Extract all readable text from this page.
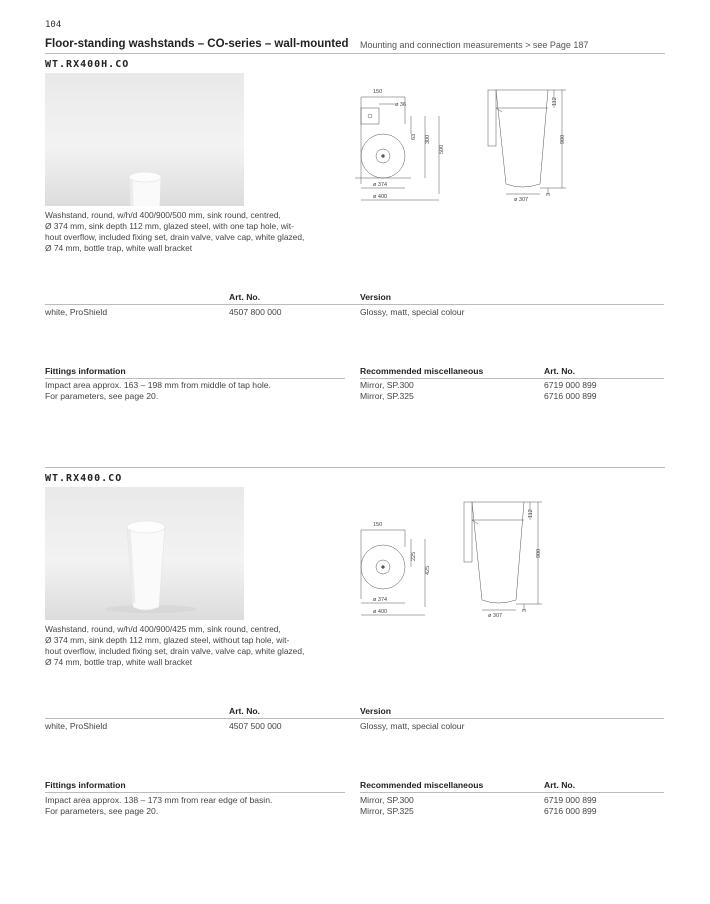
104
Floor-standing washstands – CO-series – wall-mounted Mounting and connection measurements > see Page 187
WT.RX400H.CO
Washstand, round, w/h/d 400/900/500 mm, sink round, centred,
Ø 374 mm, sink depth 112 mm, glazed steel, with one tap hole, wit-
hout overflow, included fixing set, drain valve, valve cap, white glazed,
Ø 74 mm, bottle trap, white wall bracket
150
ø 36
63 300
500
ø 374
ø 400
112
900
3
ø 307
Art. No.	Version
white, ProShield	4507 800 000	Glossy, matt, special colour
Fittings information	Recommended miscellaneous	Art. No.
Impact area approx. 163 – 198 mm from middle of tap hole.
For parameters, see page 20.
Mirror, SP.300	6719 000 899
Mirror, SP.325	6716 000 899
WT.RX400.CO
Washstand, round, w/h/d 400/900/425 mm, sink round, centred,
Ø 374 mm, sink depth 112 mm, glazed steel, without tap hole, wit-
hout overflow, included fixing set, drain valve, valve cap, white glazed,
Ø 74 mm, bottle trap, white wall bracket
150
225
425
ø 374
ø 400
112
900
3
ø 307
Art. No.	Version
white, ProShield	4507 500 000	Glossy, matt, special colour
Fittings information	Recommended miscellaneous	Art. No.
Impact area approx. 138 – 173 mm from rear edge of basin.
For parameters, see page 20.
Mirror, SP.300	6719 000 899
Mirror, SP.325	6716 000 899
